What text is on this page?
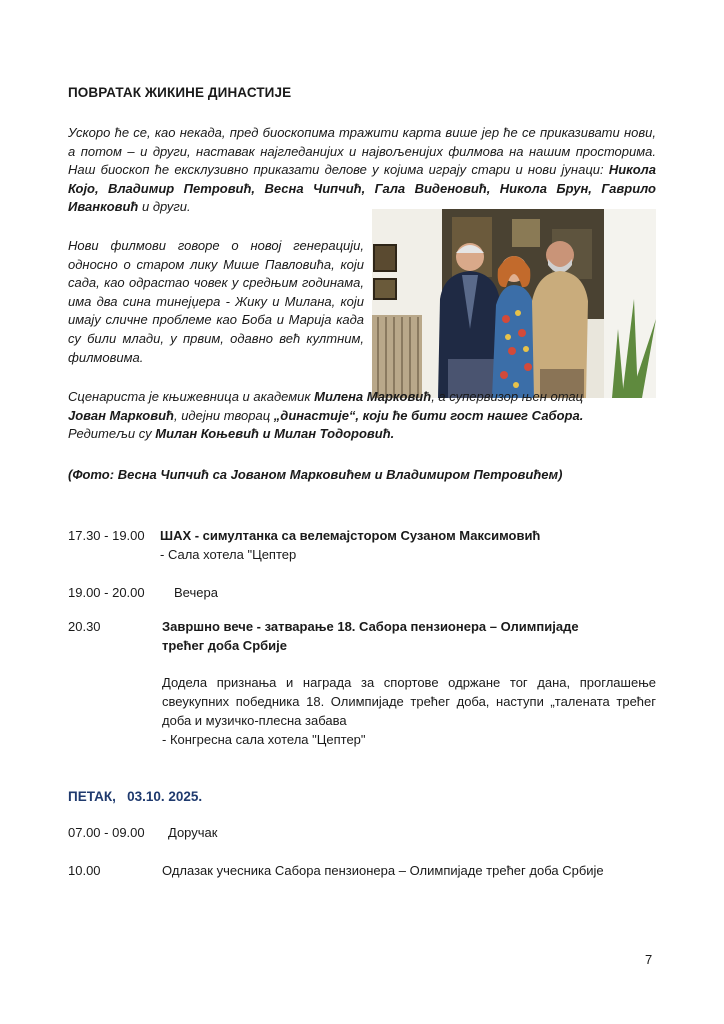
ПОВРАТАК ЖИКИНЕ ДИНАСТИЈЕ
Ускоро ће се, као некада, пред биоскопима тражити карта више јер ће се приказивати нови, а потом – и други, наставак најгледанијих и највољенијих филмова на нашим просторима. Наш биоскоп ће ексклузивно приказати делове у којима играју стари и нови јунаци: Никола Којо, Владимир Петровић, Весна Чипчић, Гала Виденовић, Никола Брун, Гаврило Иванковић и други.
Нови филмови говоре о новој генерацији, односно о старом лику Мише Павловића, који сада, као одрастао човек у средњим годинама, има два сина тинејџера - Жику и Милана, који имају сличне проблеме као Боба и Марија када су били млади, у првим, одавно већ култним, филмовима.
Сценариста је књижевница и академик Милена Марковић, а супервизор њен отац
Јован Марковић, идејни творац „династије“, који ће бити гост нашег Сабора.
Редитељи су Милан Коњевић и Милан Тодоровић.
(Фото: Весна Чипчић са Јованом Марковићем и Владимиром Петровићем)
17.30 - 19.00 ШАХ - симултанка са велемајстором Сузаном Максимовић
- Сала хотела "Цептер
19.00 - 20.00 Вечера
20.30	Завршно вече - затварање 18. Сабора пензионера – Олимпијаде
трећег доба Србије
Додела признања и награда за спортове одржане тог дана, проглашење свеукупних победника 18. Олимпијаде трећег доба, наступи „талената трећег доба и музичко-плесна забава
- Конгресна сала хотела "Цептер"
ПЕТАК, 03.10. 2025.
07.00 - 09.00 Доручак
10.00	Одлазак учесника Сабора пензионера – Олимпијаде трећег доба Србије
7
